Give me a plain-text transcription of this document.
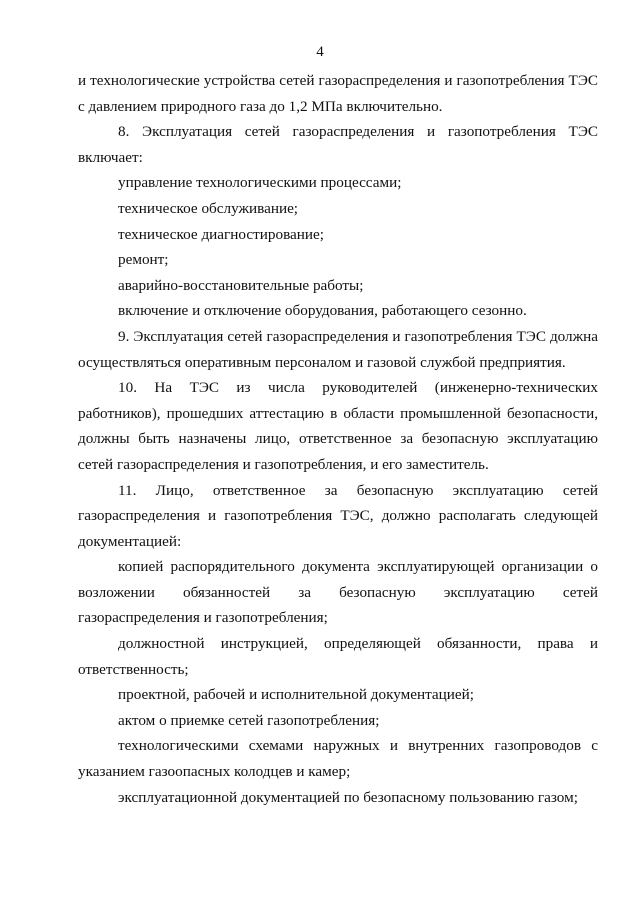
4

и технологические устройства сетей газораспределения и газопотребления ТЭС с давлением природного газа до 1,2 МПа включительно.

8. Эксплуатация сетей газораспределения и газопотребления ТЭС включает:

управление технологическими процессами;

техническое обслуживание;

техническое диагностирование;

ремонт;

аварийно-восстановительные работы;

включение и отключение оборудования, работающего сезонно.

9. Эксплуатация сетей газораспределения и газопотребления ТЭС должна осуществляться оперативным персоналом и газовой службой предприятия.

10. На ТЭС из числа руководителей (инженерно-технических работников), прошедших аттестацию в области промышленной безопасности, должны быть назначены лицо, ответственное за безопасную эксплуатацию сетей газораспределения и газопотребления, и его заместитель.

11. Лицо, ответственное за безопасную эксплуатацию сетей газораспределения и газопотребления ТЭС, должно располагать следующей документацией:

копией распорядительного документа эксплуатирующей организации о возложении обязанностей за безопасную эксплуатацию сетей газораспределения и газопотребления;

должностной инструкцией, определяющей обязанности, права и ответственность;

проектной, рабочей и исполнительной документацией;

актом о приемке сетей газопотребления;

технологическими схемами наружных и внутренних газопроводов с указанием газоопасных колодцев и камер;

эксплуатационной документацией по безопасному пользованию газом;
